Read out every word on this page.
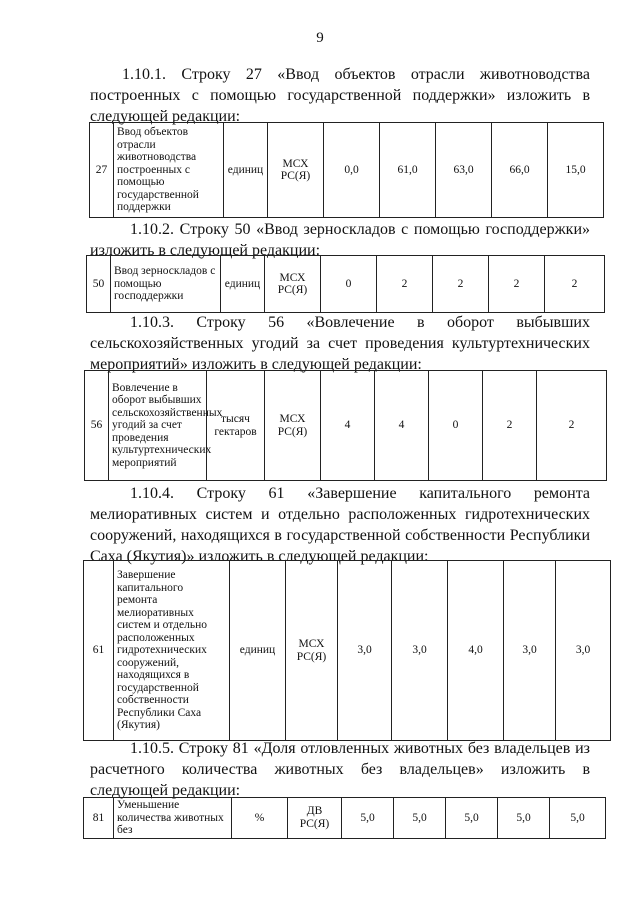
9
1.10.1. Строку 27 «Ввод объектов отрасли животноводства построенных с помощью государственной поддержки» изложить в следующей редакции:
27	Ввод объектов отрасли животноводства построенных с помощью государственной поддержки	единиц	МСХ РС(Я)	0,0	61,0	63,0	66,0	15,0
1.10.2. Строку 50 «Ввод зерноскладов с помощью господдержки» изложить в следующей редакции:
50	Ввод зерноскладов с помощью господдержки	единиц	МСХ РС(Я)	0	2	2	2	2
1.10.3. Строку 56 «Вовлечение в оборот выбывших сельскохозяйственных угодий за счет проведения культуртехнических мероприятий» изложить в следующей редакции:
56	Вовлечение в оборот выбывших сельскохозяйственных угодий за счет проведения культуртехнических мероприятий	тысяч гектаров	МСХ РС(Я)	4	4	0	2	2
1.10.4. Строку 61 «Завершение капитального ремонта мелиоративных систем и отдельно расположенных гидротехнических сооружений, находящихся в государственной собственности Республики Саха (Якутия)» изложить в следующей редакции:
61	Завершение капитального ремонта мелиоративных систем и отдельно расположенных гидротехнических сооружений, находящихся в государственной собственности Республики Саха (Якутия)	единиц	МСХ РС(Я)	3,0	3,0	4,0	3,0	3,0
1.10.5. Строку 81 «Доля отловленных животных без владельцев из расчетного количества животных без владельцев» изложить в следующей редакции:
81	Уменьшение количества животных без	%	ДВ РС(Я)	5,0	5,0	5,0	5,0	5,0
